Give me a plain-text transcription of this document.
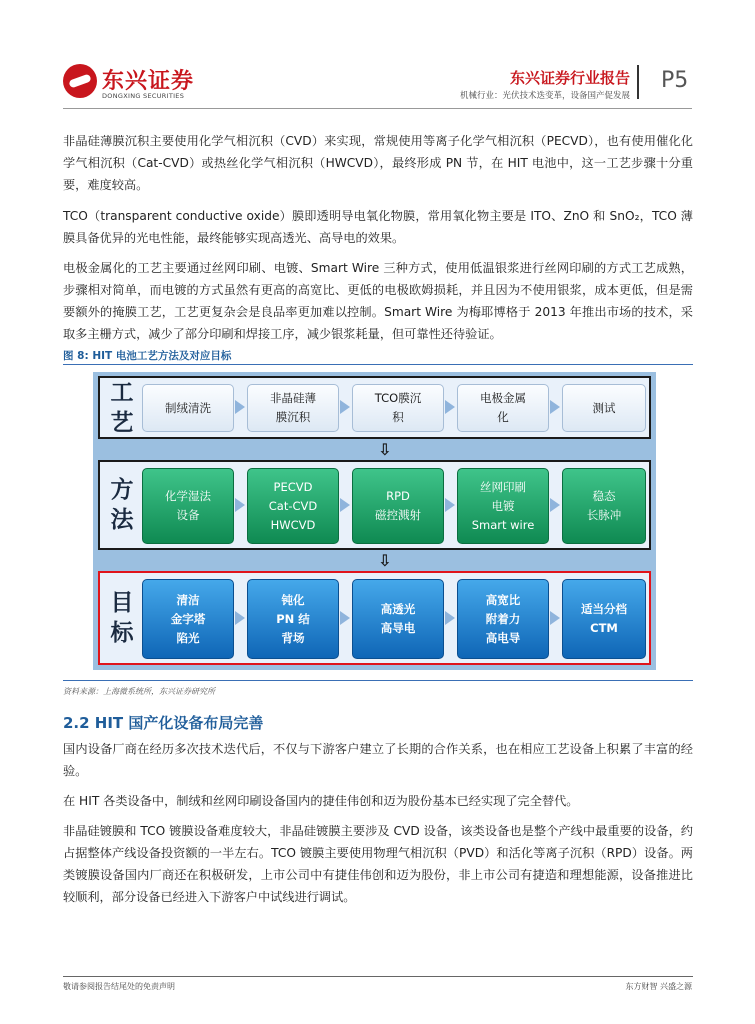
东兴证券
DONGXING SECURITIES
东兴证券行业报告
机械行业：光伏技术迭变革，设备国产促发展
P5
非晶硅薄膜沉积主要使用化学气相沉积（CVD）来实现，常规使用等离子化学气相沉积（PECVD），也有使用催化化学气相沉积（Cat-CVD）或热丝化学气相沉积（HWCVD），最终形成 PN 节，在 HIT 电池中，这一工艺步骤十分重要，难度较高。
TCO（transparent conductive oxide）膜即透明导电氧化物膜，常用氧化物主要是 ITO、ZnO 和 SnO₂，TCO 薄膜具备优异的光电性能，最终能够实现高透光、高导电的效果。
电极金属化的工艺主要通过丝网印刷、电镀、Smart Wire 三种方式，使用低温银浆进行丝网印刷的方式工艺成熟，步骤相对简单，而电镀的方式虽然有更高的高宽比、更低的电极欧姆损耗，并且因为不使用银浆，成本更低，但是需要额外的掩膜工艺，工艺更复杂会是良品率更加难以控制。Smart Wire 为梅耶博格于 2013 年推出市场的技术，采取多主栅方式，减少了部分印刷和焊接工序，减少银浆耗量，但可靠性还待验证。
图 8: HIT 电池工艺方法及对应目标
工
艺
制绒清洗
非晶硅薄
膜沉积
TCO膜沉
积
电极金属
化
测试
⇩
方
法
化学湿法
设备
PECVD
Cat-CVD
HWCVD
RPD
磁控溅射
丝网印刷
电镀
Smart wire
稳态
长脉冲
⇩
目
标
清洁
金字塔
陷光
钝化
PN 结
背场
高透光
高导电
高宽比
附着力
高电导
适当分档
CTM
资料来源：上海微系统所，东兴证券研究所
2.2 HIT 国产化设备布局完善
国内设备厂商在经历多次技术迭代后，不仅与下游客户建立了长期的合作关系，也在相应工艺设备上积累了丰富的经验。
在 HIT 各类设备中，制绒和丝网印刷设备国内的捷佳伟创和迈为股份基本已经实现了完全替代。
非晶硅镀膜和 TCO 镀膜设备难度较大，非晶硅镀膜主要涉及 CVD 设备，该类设备也是整个产线中最重要的设备，约占据整体产线设备投资额的一半左右。TCO 镀膜主要使用物理气相沉积（PVD）和活化等离子沉积（RPD）设备。两类镀膜设备国内厂商还在积极研发，上市公司中有捷佳伟创和迈为股份，非上市公司有捷造和理想能源，设备推进比较顺利，部分设备已经进入下游客户中试线进行调试。
敬请参阅报告结尾处的免责声明	东方财智 兴盛之源
